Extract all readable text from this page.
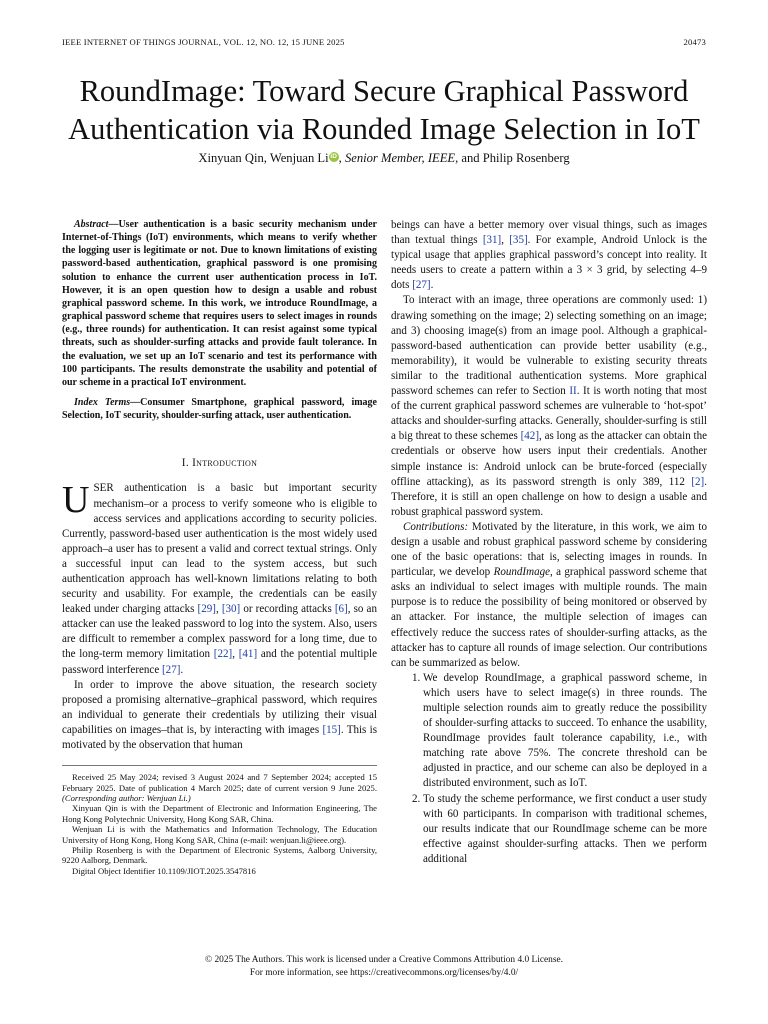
IEEE INTERNET OF THINGS JOURNAL, VOL. 12, NO. 12, 15 JUNE 2025	20473
RoundImage: Toward Secure Graphical Password Authentication via Rounded Image Selection in IoT
Xinyuan Qin, Wenjuan Li iD , Senior Member, IEEE, and Philip Rosenberg

Abstract—User authentication is a basic security mechanism under Internet-of-Things (IoT) environments, which means to verify whether the logging user is legitimate or not. Due to known limitations of existing password-based authentication, graphical password is one promising solution to enhance the current user authentication process in IoT. However, it is an open question how to design a usable and robust graphical password scheme. In this work, we introduce RoundImage, a graphical password scheme that requires users to select images in rounds (e.g., three rounds) for authentication. It can resist against some typical threats, such as shoulder-surfing attacks and provide fault tolerance. In the evaluation, we set up an IoT scenario and test its performance with 100 participants. The results demonstrate the usability and potential of our scheme in a practical IoT environment.

Index Terms—Consumer Smartphone, graphical password, image Selection, IoT security, shoulder-surfing attack, user authentication.

I. Introduction

USER authentication is a basic but important security mechanism–or a process to verify someone who is eligible to access services and applications according to security policies. Currently, password-based user authentication is the most widely used approach–a user has to present a valid and correct textual strings. Only a successful input can lead to the system access, but such authentication approach has well-known limitations relating to both security and usability. For example, the credentials can be easily leaked under charging attacks [29], [30] or recording attacks [6], so an attacker can use the leaked password to log into the system. Also, users are difficult to remember a complex password for a long time, due to the long-term memory limitation [22], [41] and the potential multiple password interference [27].

In order to improve the above situation, the research society proposed a promising alternative–graphical password, which requires an individual to generate their credentials by utilizing their visual capabilities on images–that is, by interacting with images [15]. This is motivated by the observation that human

Received 25 May 2024; revised 3 August 2024 and 7 September 2024; accepted 15 February 2025. Date of publication 4 March 2025; date of current version 9 June 2025. (Corresponding author: Wenjuan Li.)

Xinyuan Qin is with the Department of Electronic and Information Engineering, The Hong Kong Polytechnic University, Hong Kong SAR, China.

Wenjuan Li is with the Mathematics and Information Technology, The Education University of Hong Kong, Hong Kong SAR, China (e-mail: wenjuan.li@ieee.org).

Philip Rosenberg is with the Department of Electronic Systems, Aalborg University, 9220 Aalborg, Denmark.

Digital Object Identifier 10.1109/JIOT.2025.3547816

beings can have a better memory over visual things, such as images than textual things [31], [35]. For example, Android Unlock is the typical usage that applies graphical password’s concept into reality. It needs users to create a pattern within a 3 × 3 grid, by selecting 4–9 dots [27].

To interact with an image, three operations are commonly used: 1) drawing something on the image; 2) selecting something on an image; and 3) choosing image(s) from an image pool. Although a graphical-password-based authentication can provide better usability (e.g., memorability), it would be vulnerable to existing security threats similar to the traditional authentication systems. More graphical password schemes can refer to Section II. It is worth noting that most of the current graphical password schemes are vulnerable to ‘hot-spot’ attacks and shoulder-surfing attacks. Generally, shoulder-surfing is still a big threat to these schemes [42], as long as the attacker can obtain the credentials or observe how users input their credentials. Another simple instance is: Android unlock can be brute-forced (especially offline attacking), as its password strength is only 389, 112 [2]. Therefore, it is still an open challenge on how to design a usable and robust graphical password system.

Contributions: Motivated by the literature, in this work, we aim to design a usable and robust graphical password scheme by considering one of the basic operations: that is, selecting images in rounds. In particular, we develop RoundImage, a graphical password scheme that asks an individual to select images with multiple rounds. The main purpose is to reduce the possibility of being monitored or observed by an attacker. For instance, the multiple selection of images can effectively reduce the success rates of shoulder-surfing attacks, as the attacker has to capture all rounds of image selection. Our contributions can be summarized as below.

1. We develop RoundImage, a graphical password scheme, in which users have to select image(s) in three rounds. The multiple selection rounds aim to greatly reduce the possibility of shoulder-surfing attacks to succeed. To enhance the usability, RoundImage provides fault tolerance capability, i.e., with matching rate above 75%. The concrete threshold can be adjusted in practice, and our scheme can also be deployed in a distributed environment, such as IoT.
2. To study the scheme performance, we first conduct a user study with 60 participants. In comparison with traditional schemes, our results indicate that our RoundImage scheme can be more effective against shoulder-surfing attacks. Then we perform additional
© 2025 The Authors. This work is licensed under a Creative Commons Attribution 4.0 License.
For more information, see https://creativecommons.org/licenses/by/4.0/
